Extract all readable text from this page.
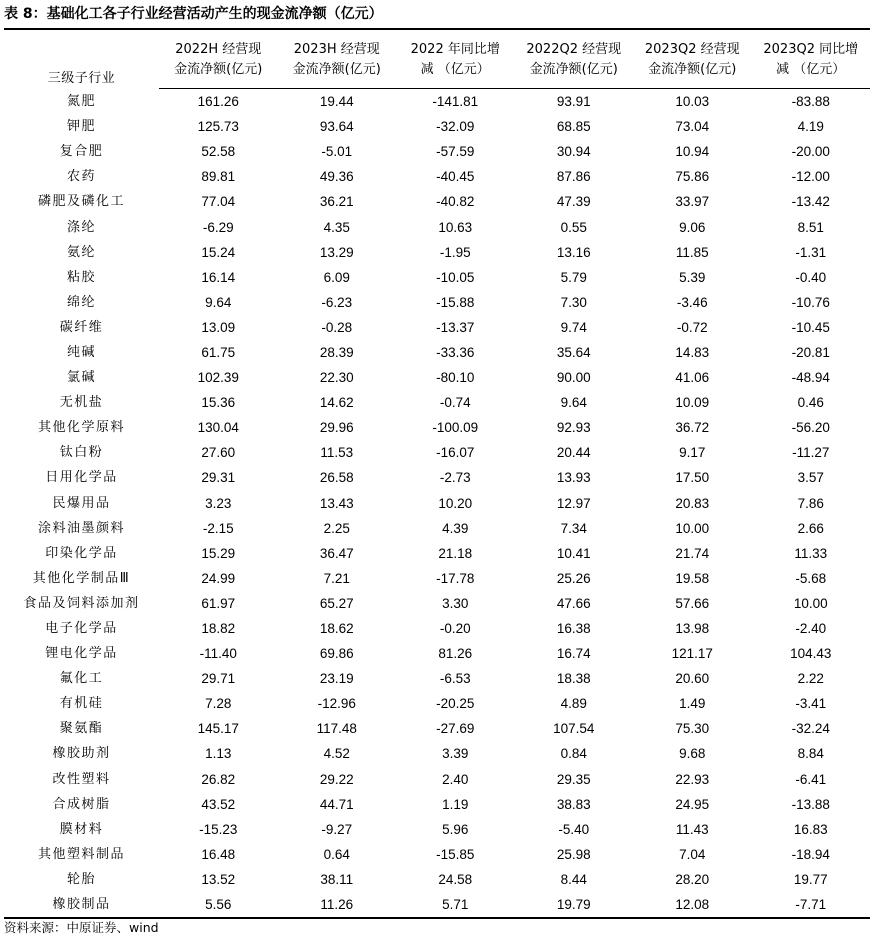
表 8：基础化工各子行业经营活动产生的现金流净额（亿元）
三级子行业	2022H 经营现	2023H 经营现	2022 年同比增	2022Q2 经营现	2023Q2 经营现	2023Q2 同比增
	金流净额(亿元)	金流净额(亿元)	减 （亿元）	金流净额(亿元)	金流净额(亿元)	减 （亿元）
氮肥	161.26	19.44	-141.81	93.91	10.03	-83.88
钾肥	125.73	93.64	-32.09	68.85	73.04	4.19
复合肥	52.58	-5.01	-57.59	30.94	10.94	-20.00
农药	89.81	49.36	-40.45	87.86	75.86	-12.00
磷肥及磷化工	77.04	36.21	-40.82	47.39	33.97	-13.42
涤纶	-6.29	4.35	10.63	0.55	9.06	8.51
氨纶	15.24	13.29	-1.95	13.16	11.85	-1.31
粘胶	16.14	6.09	-10.05	5.79	5.39	-0.40
绵纶	9.64	-6.23	-15.88	7.30	-3.46	-10.76
碳纤维	13.09	-0.28	-13.37	9.74	-0.72	-10.45
纯碱	61.75	28.39	-33.36	35.64	14.83	-20.81
氯碱	102.39	22.30	-80.10	90.00	41.06	-48.94
无机盐	15.36	14.62	-0.74	9.64	10.09	0.46
其他化学原料	130.04	29.96	-100.09	92.93	36.72	-56.20
钛白粉	27.60	11.53	-16.07	20.44	9.17	-11.27
日用化学品	29.31	26.58	-2.73	13.93	17.50	3.57
民爆用品	3.23	13.43	10.20	12.97	20.83	7.86
涂料油墨颜料	-2.15	2.25	4.39	7.34	10.00	2.66
印染化学品	15.29	36.47	21.18	10.41	21.74	11.33
其他化学制品Ⅲ	24.99	7.21	-17.78	25.26	19.58	-5.68
食品及饲料添加剂	61.97	65.27	3.30	47.66	57.66	10.00
电子化学品	18.82	18.62	-0.20	16.38	13.98	-2.40
锂电化学品	-11.40	69.86	81.26	16.74	121.17	104.43
氟化工	29.71	23.19	-6.53	18.38	20.60	2.22
有机硅	7.28	-12.96	-20.25	4.89	1.49	-3.41
聚氨酯	145.17	117.48	-27.69	107.54	75.30	-32.24
橡胶助剂	1.13	4.52	3.39	0.84	9.68	8.84
改性塑料	26.82	29.22	2.40	29.35	22.93	-6.41
合成树脂	43.52	44.71	1.19	38.83	24.95	-13.88
膜材料	-15.23	-9.27	5.96	-5.40	11.43	16.83
其他塑料制品	16.48	0.64	-15.85	25.98	7.04	-18.94
轮胎	13.52	38.11	24.58	8.44	28.20	19.77
橡胶制品	5.56	11.26	5.71	19.79	12.08	-7.71
资料来源：中原证券、wind
